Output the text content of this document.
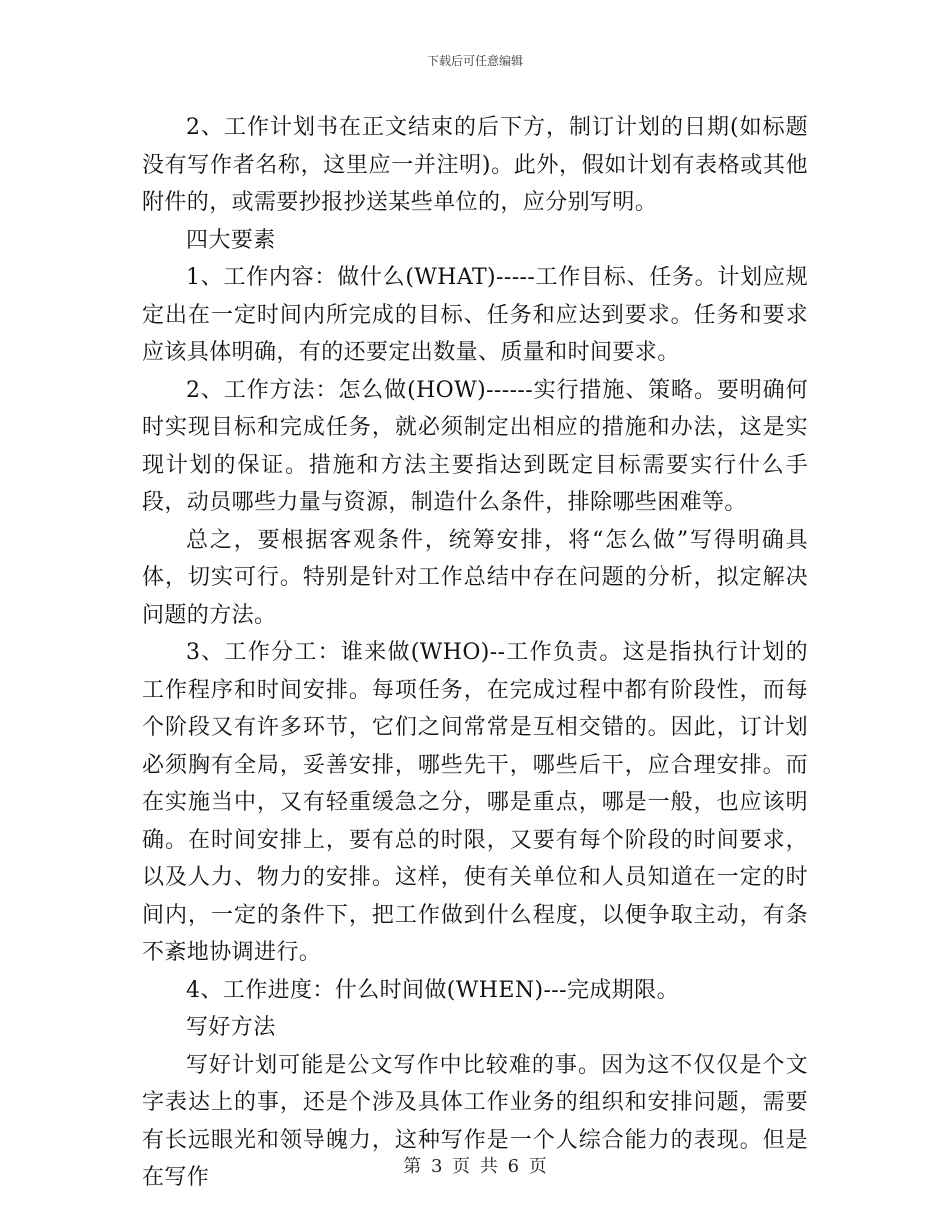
下载后可任意编辑

2、工作计划书在正文结束的后下方，制订计划的日期(如标题没有写作者名称，这里应一并注明)。此外，假如计划有表格或其他附件的，或需要抄报抄送某些单位的，应分别写明。

四大要素

1、工作内容：做什么(WHAT)-----工作目标、任务。计划应规定出在一定时间内所完成的目标、任务和应达到要求。任务和要求应该具体明确，有的还要定出数量、质量和时间要求。

2、工作方法：怎么做(HOW)------实行措施、策略。要明确何时实现目标和完成任务，就必须制定出相应的措施和办法，这是实现计划的保证。措施和方法主要指达到既定目标需要实行什么手段，动员哪些力量与资源，制造什么条件，排除哪些困难等。

总之，要根据客观条件，统筹安排，将“怎么做”写得明确具体，切实可行。特别是针对工作总结中存在问题的分析，拟定解决问题的方法。

3、工作分工：谁来做(WHO)--工作负责。这是指执行计划的工作程序和时间安排。每项任务，在完成过程中都有阶段性，而每个阶段又有许多环节，它们之间常常是互相交错的。因此，订计划必须胸有全局，妥善安排，哪些先干，哪些后干，应合理安排。而在实施当中，又有轻重缓急之分，哪是重点，哪是一般，也应该明确。在时间安排上，要有总的时限，又要有每个阶段的时间要求，以及人力、物力的安排。这样，使有关单位和人员知道在一定的时间内，一定的条件下，把工作做到什么程度，以便争取主动，有条不紊地协调进行。

4、工作进度：什么时间做(WHEN)---完成期限。

写好方法

写好计划可能是公文写作中比较难的事。因为这不仅仅是个文字表达上的事，还是个涉及具体工作业务的组织和安排问题，需要有长远眼光和领导魄力，这种写作是一个人综合能力的表现。但是在写作	第 3 页 共 6 页
